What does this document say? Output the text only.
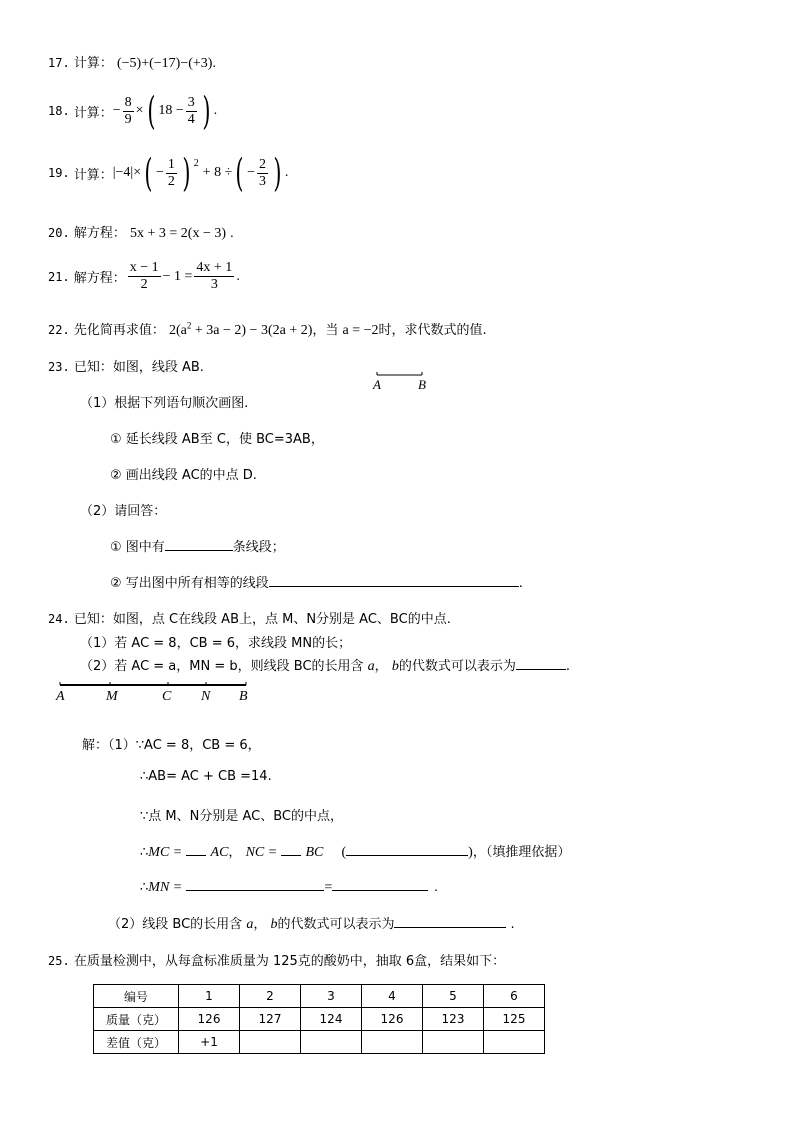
17. 计算： (−5)+(−17)−(+3).
18. 计算： − $\frac{8}{9}$ × ( $18 - \frac{3}{4}$ ) .
19. 计算： |−4| × ( − $\frac{1}{2}$ ) $^2$
+ 8 ÷ ( − $\frac{2}{3}$ ) .
20. 解方程： 5x + 3 = 2(x − 3) .
21. 解方程： $\frac{x - 1}{2} - 1 = \frac{4x + 1}{3}$ .
22. 先化简再求值： $2(a^2 + 3a - 2) - 3(2a + 2)$，当 a = −2时，求代数式的值.
23. 已知：如图，线段 AB.
A	B
（1）根据下列语句顺次画图.
① 延长线段 AB至 C，使 BC=3AB，
② 画出线段 AC的中点 D.
（2）请回答：
① 图中有	条线段；
② 写出图中所有相等的线段	.
24. 已知：如图，点 C在线段 AB上，点 M、N分别是 AC、BC的中点.
（1）若 AC = 8，CB = 6，求线段 MN的长；
（2）若 AC = a，MN = b，则线段 BC的长用含 a， b的代数式可以表示为	.
A	M	C N B
解：（1）∵AC = 8，CB = 6，
∴AB= AC + CB =14.
∵点 M、N分别是 AC、BC的中点，
∴MC = AC， NC = BC (	)，（填推理依据）
∴MN =	=	.
（2）线段 BC的长用含 a， b的代数式可以表示为	.
25. 在质量检测中，从每盒标准质量为 125克的酸奶中，抽取 6盒，结果如下：
编号	1	2	3	4	5	6
质量（克）	126	127	124	126	123	125
差值（克）	+1					
